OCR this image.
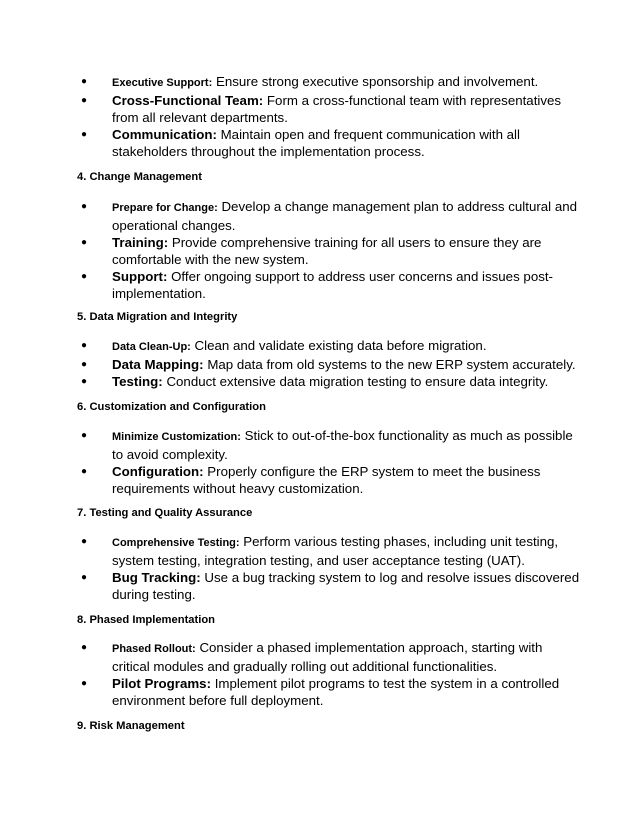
●	Executive Support: Ensure strong executive sponsorship and involvement.
●	Cross-Functional Team: Form a cross-functional team with representatives from all relevant departments.
●	Communication: Maintain open and frequent communication with all stakeholders throughout the implementation process.
4. Change Management
●	Prepare for Change: Develop a change management plan to address cultural and operational changes.
●	Training: Provide comprehensive training for all users to ensure they are comfortable with the new system.
●	Support: Offer ongoing support to address user concerns and issues post-implementation.
5. Data Migration and Integrity
●	Data Clean-Up: Clean and validate existing data before migration.
●	Data Mapping: Map data from old systems to the new ERP system accurately.
●	Testing: Conduct extensive data migration testing to ensure data integrity.
6. Customization and Configuration
●	Minimize Customization: Stick to out-of-the-box functionality as much as possible to avoid complexity.
●	Configuration: Properly configure the ERP system to meet the business requirements without heavy customization.
7. Testing and Quality Assurance
●	Comprehensive Testing: Perform various testing phases, including unit testing, system testing, integration testing, and user acceptance testing (UAT).
●	Bug Tracking: Use a bug tracking system to log and resolve issues discovered during testing.
8. Phased Implementation
●	Phased Rollout: Consider a phased implementation approach, starting with critical modules and gradually rolling out additional functionalities.
●	Pilot Programs: Implement pilot programs to test the system in a controlled environment before full deployment.
9. Risk Management
